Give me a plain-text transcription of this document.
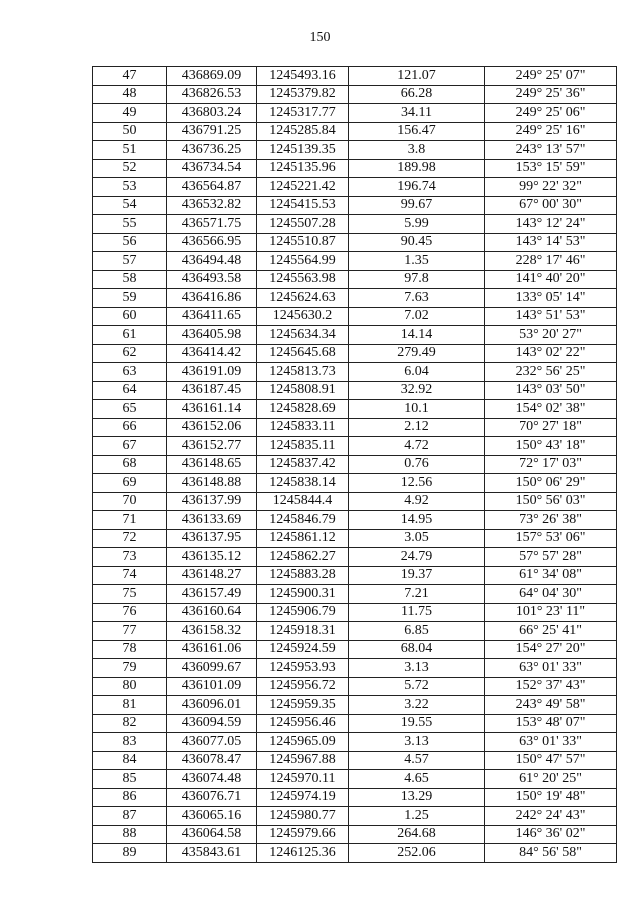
150
47	436869.09	1245493.16	121.07	249° 25' 07"
48	436826.53	1245379.82	66.28	249° 25' 36"
49	436803.24	1245317.77	34.11	249° 25' 06"
50	436791.25	1245285.84	156.47	249° 25' 16"
51	436736.25	1245139.35	3.8	243° 13' 57"
52	436734.54	1245135.96	189.98	153° 15' 59"
53	436564.87	1245221.42	196.74	99° 22' 32"
54	436532.82	1245415.53	99.67	67° 00' 30"
55	436571.75	1245507.28	5.99	143° 12' 24"
56	436566.95	1245510.87	90.45	143° 14' 53"
57	436494.48	1245564.99	1.35	228° 17' 46"
58	436493.58	1245563.98	97.8	141° 40' 20"
59	436416.86	1245624.63	7.63	133° 05' 14"
60	436411.65	1245630.2	7.02	143° 51' 53"
61	436405.98	1245634.34	14.14	53° 20' 27"
62	436414.42	1245645.68	279.49	143° 02' 22"
63	436191.09	1245813.73	6.04	232° 56' 25"
64	436187.45	1245808.91	32.92	143° 03' 50"
65	436161.14	1245828.69	10.1	154° 02' 38"
66	436152.06	1245833.11	2.12	70° 27' 18"
67	436152.77	1245835.11	4.72	150° 43' 18"
68	436148.65	1245837.42	0.76	72° 17' 03"
69	436148.88	1245838.14	12.56	150° 06' 29"
70	436137.99	1245844.4	4.92	150° 56' 03"
71	436133.69	1245846.79	14.95	73° 26' 38"
72	436137.95	1245861.12	3.05	157° 53' 06"
73	436135.12	1245862.27	24.79	57° 57' 28"
74	436148.27	1245883.28	19.37	61° 34' 08"
75	436157.49	1245900.31	7.21	64° 04' 30"
76	436160.64	1245906.79	11.75	101° 23' 11"
77	436158.32	1245918.31	6.85	66° 25' 41"
78	436161.06	1245924.59	68.04	154° 27' 20"
79	436099.67	1245953.93	3.13	63° 01' 33"
80	436101.09	1245956.72	5.72	152° 37' 43"
81	436096.01	1245959.35	3.22	243° 49' 58"
82	436094.59	1245956.46	19.55	153° 48' 07"
83	436077.05	1245965.09	3.13	63° 01' 33"
84	436078.47	1245967.88	4.57	150° 47' 57"
85	436074.48	1245970.11	4.65	61° 20' 25"
86	436076.71	1245974.19	13.29	150° 19' 48"
87	436065.16	1245980.77	1.25	242° 24' 43"
88	436064.58	1245979.66	264.68	146° 36' 02"
89	435843.61	1246125.36	252.06	84° 56' 58"
